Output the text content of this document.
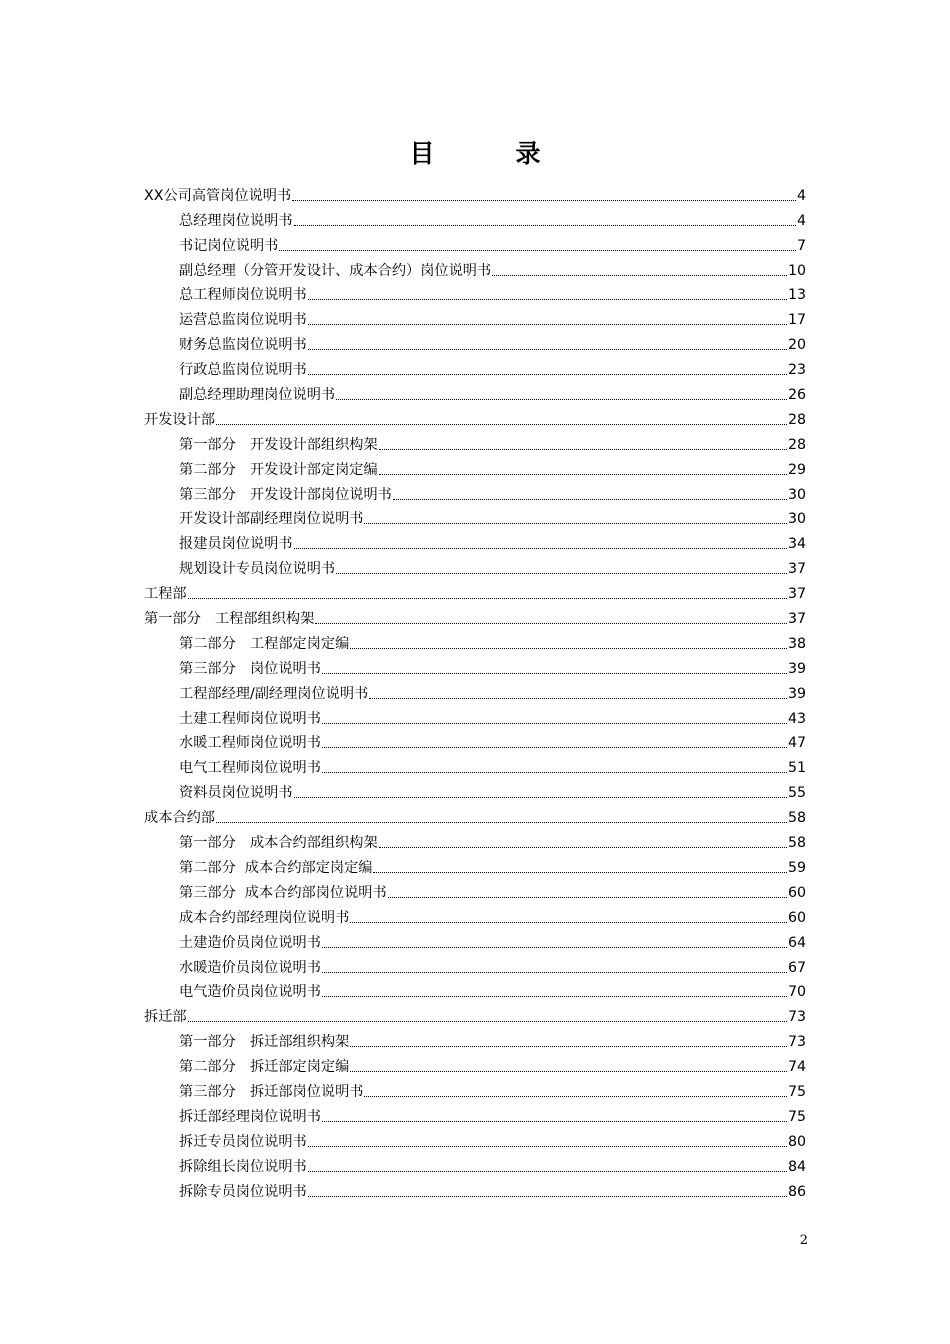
目　录
XX公司高管岗位说明书	4
总经理岗位说明书	4
书记岗位说明书	7
副总经理（分管开发设计、成本合约）岗位说明书	10
总工程师岗位说明书	13
运营总监岗位说明书	17
财务总监岗位说明书	20
行政总监岗位说明书	23
副总经理助理岗位说明书	26
开发设计部	28
第一部分　开发设计部组织构架	28
第二部分　开发设计部定岗定编	29
第三部分　开发设计部岗位说明书	30
开发设计部副经理岗位说明书	30
报建员岗位说明书	34
规划设计专员岗位说明书	37
工程部	37
第一部分　工程部组织构架	37
第二部分　工程部定岗定编	38
第三部分　岗位说明书	39
工程部经理/副经理岗位说明书	39
土建工程师岗位说明书	43
水暖工程师岗位说明书	47
电气工程师岗位说明书	51
资料员岗位说明书	55
成本合约部	58
第一部分　成本合约部组织构架	58
第二部分  成本合约部定岗定编	59
第三部分  成本合约部岗位说明书	60
成本合约部经理岗位说明书	60
土建造价员岗位说明书	64
水暖造价员岗位说明书	67
电气造价员岗位说明书	70
拆迁部	73
第一部分　拆迁部组织构架	73
第二部分　拆迁部定岗定编	74
第三部分　拆迁部岗位说明书	75
拆迁部经理岗位说明书	75
拆迁专员岗位说明书	80
拆除组长岗位说明书	84
拆除专员岗位说明书	86
2
